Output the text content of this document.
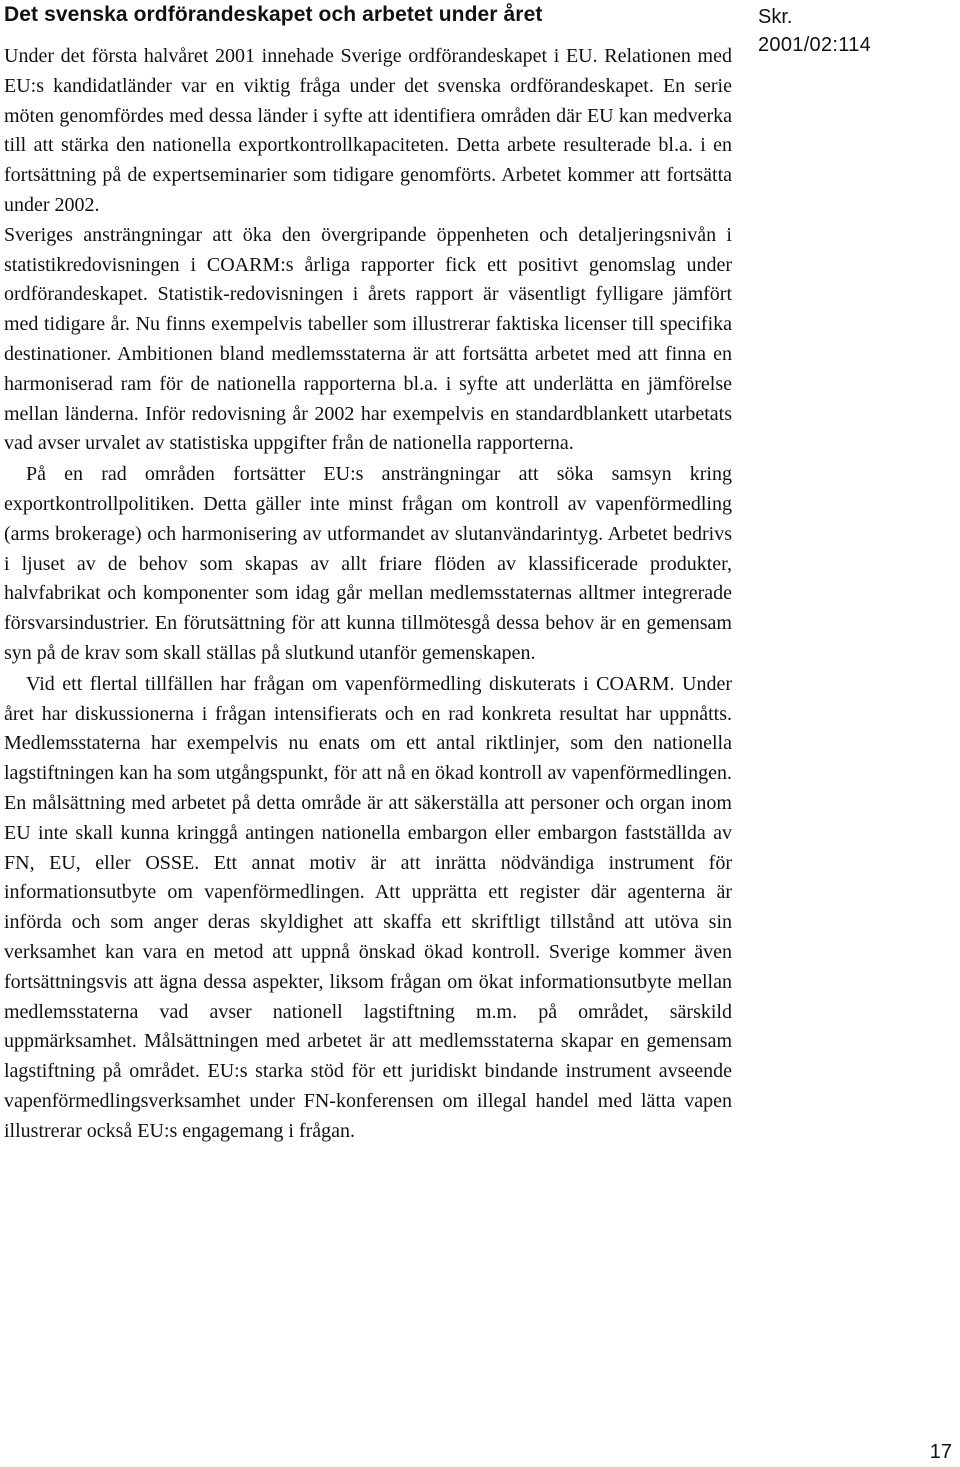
Det svenska ordförandeskapet och arbetet under året

Under det första halvåret 2001 innehade Sverige ordförandeskapet i EU. Relationen med EU:s kandidatländer var en viktig fråga under det svenska ordförandeskapet. En serie möten genomfördes med dessa länder i syfte att identifiera områden där EU kan medverka till att stärka den nationella exportkontrollkapaciteten. Detta arbete resulterade bl.a. i en fortsättning på de expertseminarier som tidigare genomförts. Arbetet kommer att fortsätta under 2002.

Sveriges ansträngningar att öka den övergripande öppenheten och detaljeringsnivån i statistikredovisningen i COARM:s årliga rapporter fick ett positivt genomslag under ordförandeskapet. Statistik-redovisningen i årets rapport är väsentligt fylligare jämfört med tidigare år. Nu finns exempelvis tabeller som illustrerar faktiska licenser till specifika destinationer. Ambitionen bland medlemsstaterna är att fortsätta arbetet med att finna en harmoniserad ram för de nationella rapporterna bl.a. i syfte att underlätta en jämförelse mellan länderna. Inför redovisning år 2002 har exempelvis en standardblankett utarbetats vad avser urvalet av statistiska uppgifter från de nationella rapporterna.

På en rad områden fortsätter EU:s ansträngningar att söka samsyn kring exportkontrollpolitiken. Detta gäller inte minst frågan om kontroll av vapenförmedling (arms brokerage) och harmonisering av utformandet av slutanvändarintyg. Arbetet bedrivs i ljuset av de behov som skapas av allt friare flöden av klassificerade produkter, halvfabrikat och komponenter som idag går mellan medlemsstaternas alltmer integrerade försvarsindustrier. En förutsättning för att kunna tillmötesgå dessa behov är en gemensam syn på de krav som skall ställas på slutkund utanför gemenskapen.

Vid ett flertal tillfällen har frågan om vapenförmedling diskuterats i COARM. Under året har diskussionerna i frågan intensifierats och en rad konkreta resultat har uppnåtts. Medlemsstaterna har exempelvis nu enats om ett antal riktlinjer, som den nationella lagstiftningen kan ha som utgångspunkt, för att nå en ökad kontroll av vapenförmedlingen. En målsättning med arbetet på detta område är att säkerställa att personer och organ inom EU inte skall kunna kringgå antingen nationella embargon eller embargon fastställda av FN, EU, eller OSSE. Ett annat motiv är att inrätta nödvändiga instrument för informationsutbyte om vapenförmedlingen. Att upprätta ett register där agenterna är införda och som anger deras skyldighet att skaffa ett skriftligt tillstånd att utöva sin verksamhet kan vara en metod att uppnå önskad ökad kontroll. Sverige kommer även fortsättningsvis att ägna dessa aspekter, liksom frågan om ökat informationsutbyte mellan medlemsstaterna vad avser nationell lagstiftning m.m. på området, särskild uppmärksamhet. Målsättningen med arbetet är att medlemsstaterna skapar en gemensam lagstiftning på området. EU:s starka stöd för ett juridiskt bindande instrument avseende vapenförmedlingsverksamhet under FN-konferensen om illegal handel med lätta vapen illustrerar också EU:s engagemang i frågan.

Skr.
2001/02:114
17
